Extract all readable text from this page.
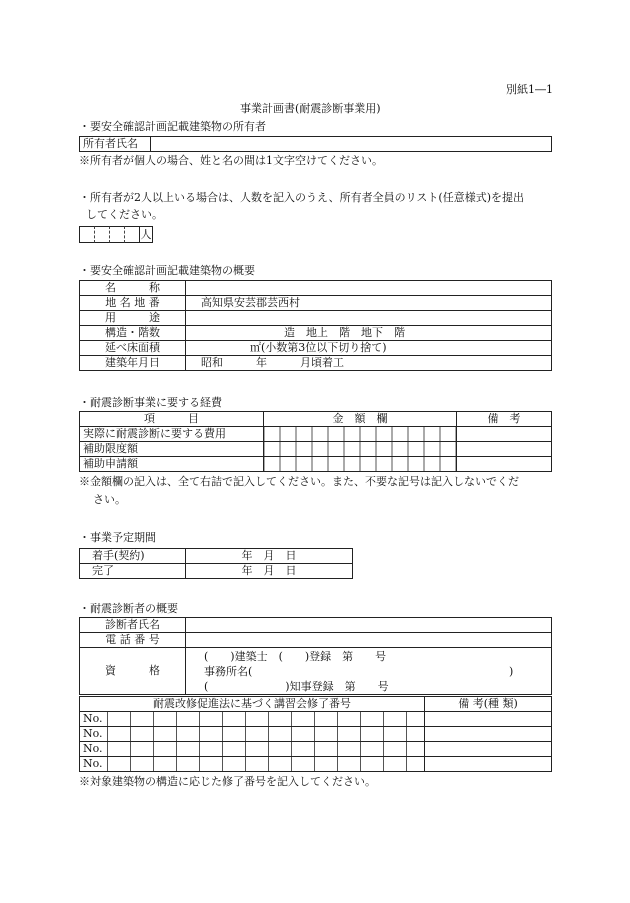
別紙1―1
事業計画書(耐震診断事業用)
・要安全確認計画記載建築物の所有者
所有者氏名	
※所有者が個人の場合、姓と名の間は1文字空けてください。
・所有者が2人以上いる場合は、人数を記入のうえ、所有者全員のリスト(任意様式)を提出
してください。
人
・要安全確認計画記載建築物の概要
名　　　称	
地 名 地 番	高知県安芸郡芸西村
用　　　途	
構造・階数	造　地上　階　地下　階
延べ床面積	㎡(小数第3位以下切り捨て)
建築年月日	昭和　　　年　　　月頃着工
・耐震診断事業に要する経費
項　　　目	金　額　欄	備　考
実際に耐震診断に要する費用		
補助限度額		
補助申請額		
※金額欄の記入は、全て右詰で記入してください。また、不要な記号は記入しないでくだ
さい。
・事業予定期間
着手(契約)	年　月　日
完了	年　月　日
・耐震診断者の概要
診断者氏名	
電 話 番 号	
資　　　格	(　　)建築士　(　　)登録　第　　号
事務所名( )
(　　　　　　　)知事登録　第　　号
耐震改修促進法に基づく講習会修了番号	備 考(種 類)

No.	

No.	

No.	

No.	

※対象建築物の構造に応じた修了番号を記入してください。
